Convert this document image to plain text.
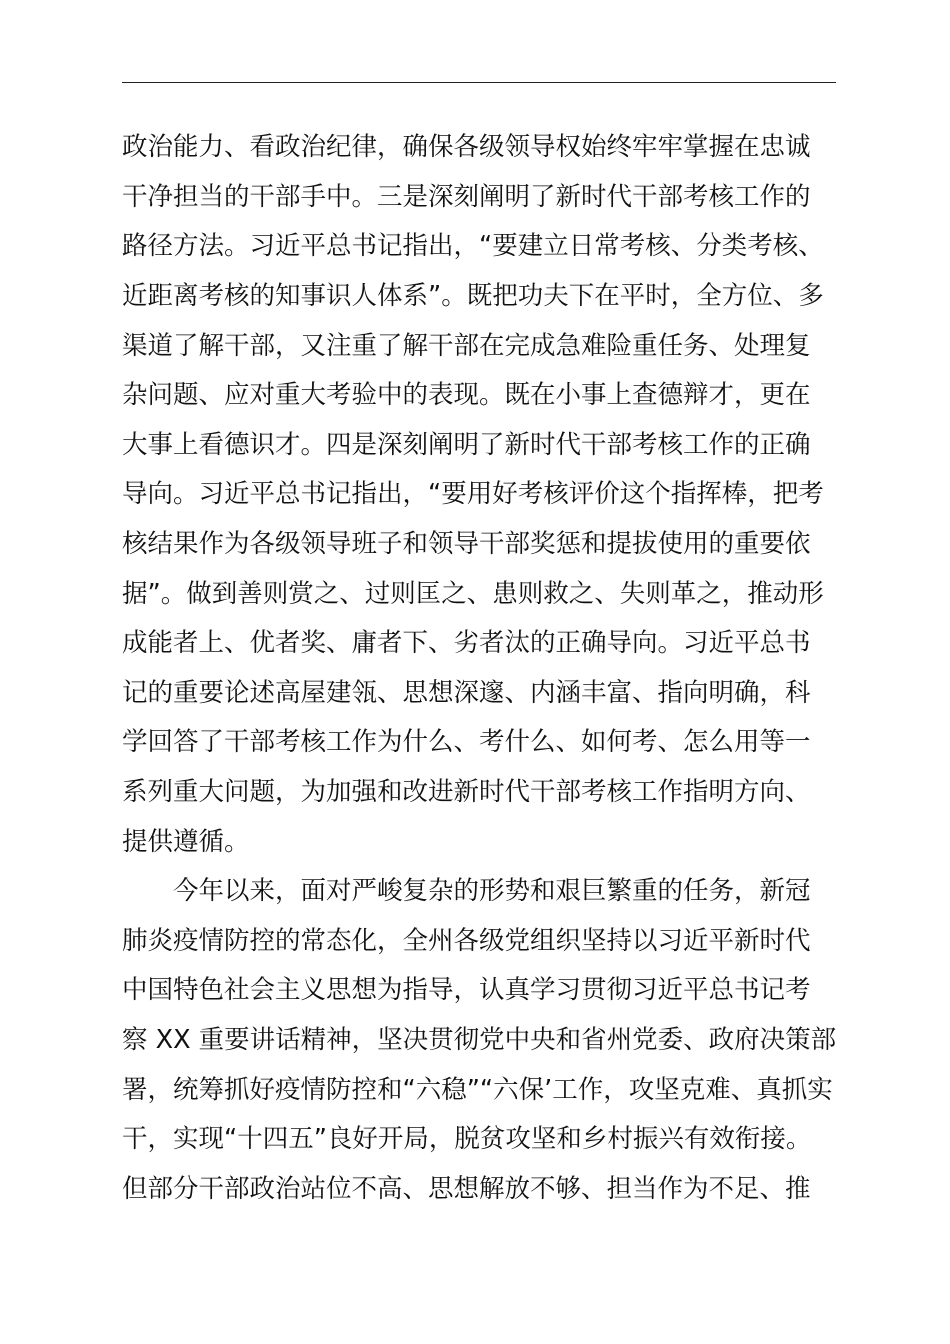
政治能力、看政治纪律，确保各级领导权始终牢牢掌握在忠诚
干净担当的干部手中。三是深刻阐明了新时代干部考核工作的
路径方法。习近平总书记指出，“要建立日常考核、分类考核、
近距离考核的知事识人体系”。既把功夫下在平时，全方位、多
渠道了解干部，又注重了解干部在完成急难险重任务、处理复
杂问题、应对重大考验中的表现。既在小事上查德辩才，更在
大事上看德识才。四是深刻阐明了新时代干部考核工作的正确
导向。习近平总书记指出，“要用好考核评价这个指挥棒，把考
核结果作为各级领导班子和领导干部奖惩和提拔使用的重要依
据”。做到善则赏之、过则匡之、患则救之、失则革之，推动形
成能者上、优者奖、庸者下、劣者汰的正确导向。习近平总书
记的重要论述高屋建瓴、思想深邃、内涵丰富、指向明确，科
学回答了干部考核工作为什么、考什么、如何考、怎么用等一
系列重大问题，为加强和改进新时代干部考核工作指明方向、
提供遵循。
今年以来，面对严峻复杂的形势和艰巨繁重的任务，新冠
肺炎疫情防控的常态化，全州各级党组织坚持以习近平新时代
中国特色社会主义思想为指导，认真学习贯彻习近平总书记考
察 XX 重要讲话精神，坚决贯彻党中央和省州党委、政府决策部
署，统筹抓好疫情防控和“六稳”“六保’工作，攻坚克难、真抓实
干，实现“十四五”良好开局，脱贫攻坚和乡村振兴有效衔接。
但部分干部政治站位不高、思想解放不够、担当作为不足、推
